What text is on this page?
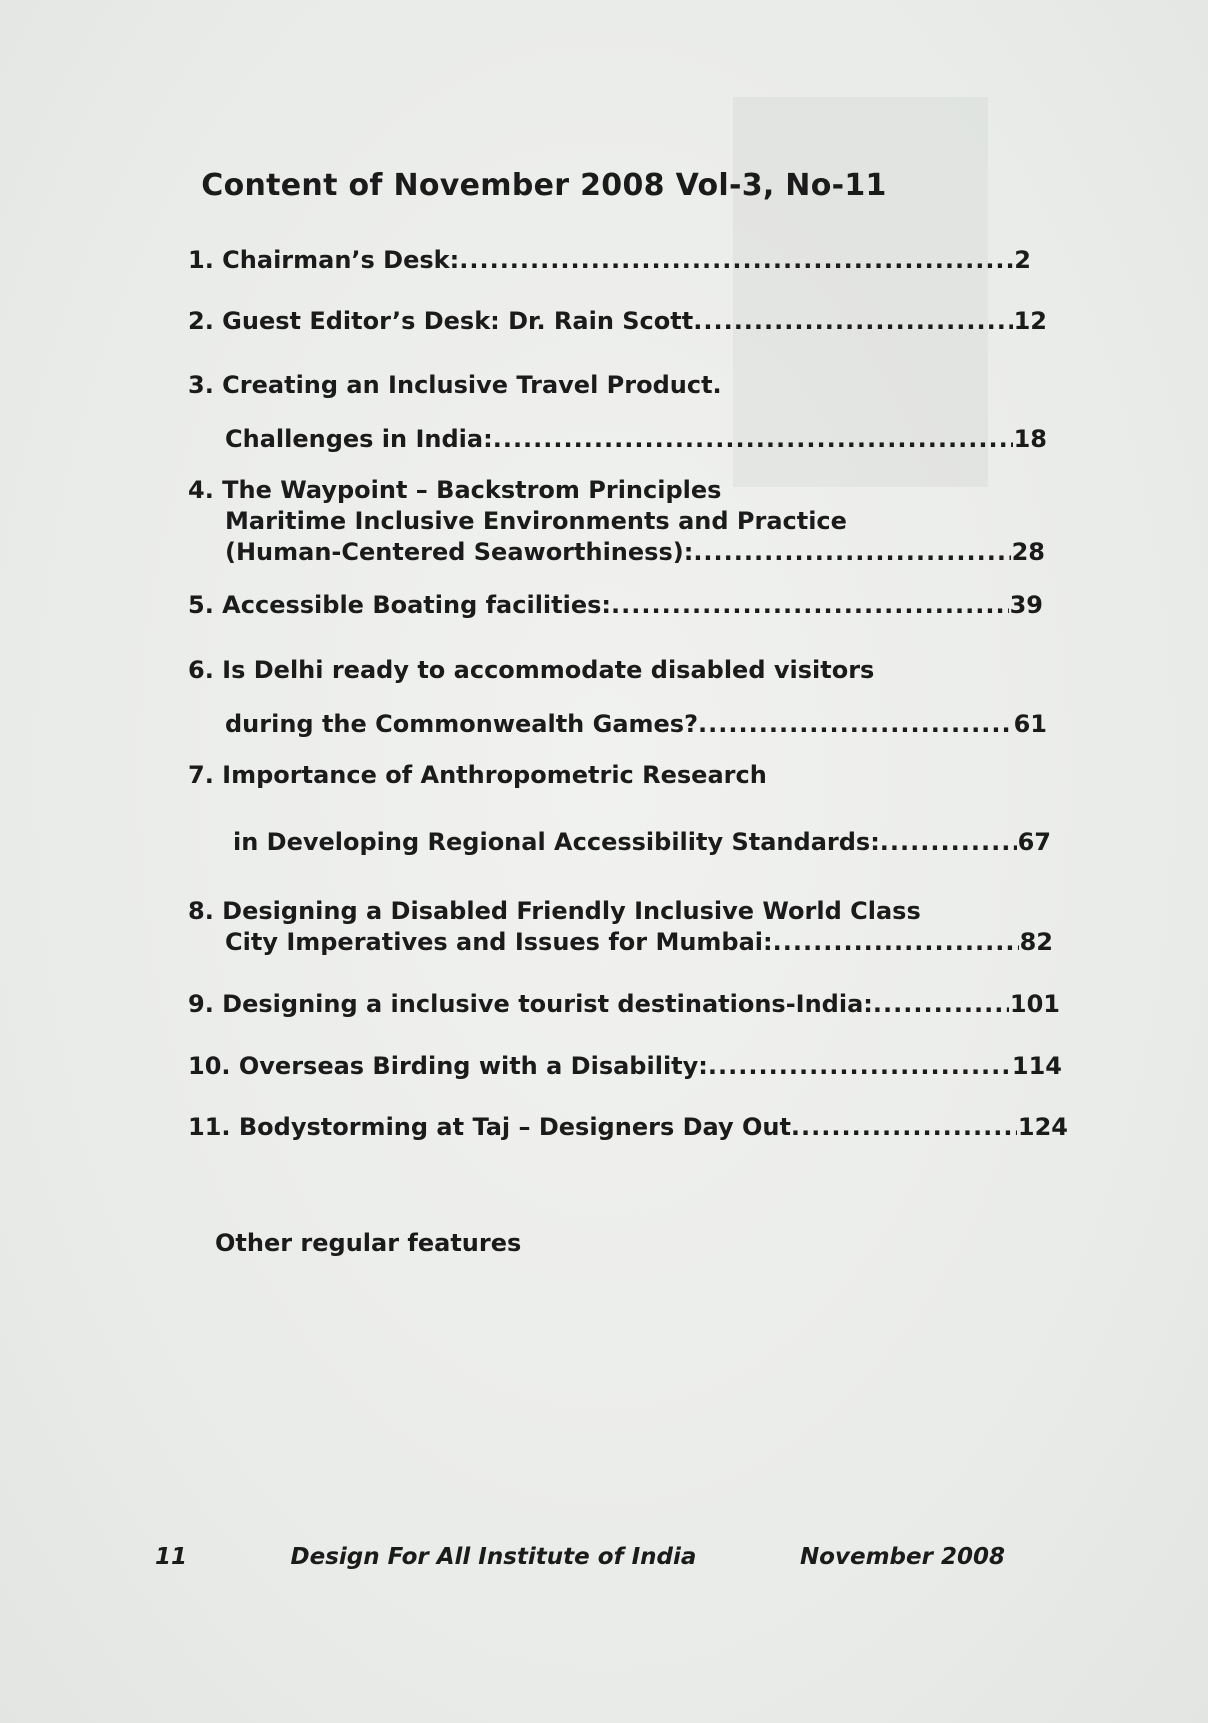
Content of November 2008 Vol-3, No-11
1. Chairman’s Desk: .....	2
2. Guest Editor’s Desk: Dr. Rain Scott .....	12
3. Creating an Inclusive Travel Product.
Challenges in India: .....	18
4. The Waypoint – Backstrom Principles
Maritime Inclusive Environments and Practice
(Human-Centered Seaworthiness): .....	28
5. Accessible Boating facilities: .....	39
6. Is Delhi ready to accommodate disabled visitors
during the Commonwealth Games? .....	61
7. Importance of Anthropometric Research
in Developing Regional Accessibility Standards: .....	67
8. Designing a Disabled Friendly Inclusive World Class
City Imperatives and Issues for Mumbai: .....	82
9. Designing a inclusive tourist destinations-India: .....	101
10. Overseas Birding with a Disability: .....	114
11. Bodystorming at Taj – Designers Day Out .....	124
Other regular features
11	Design For All Institute of India	November 2008
